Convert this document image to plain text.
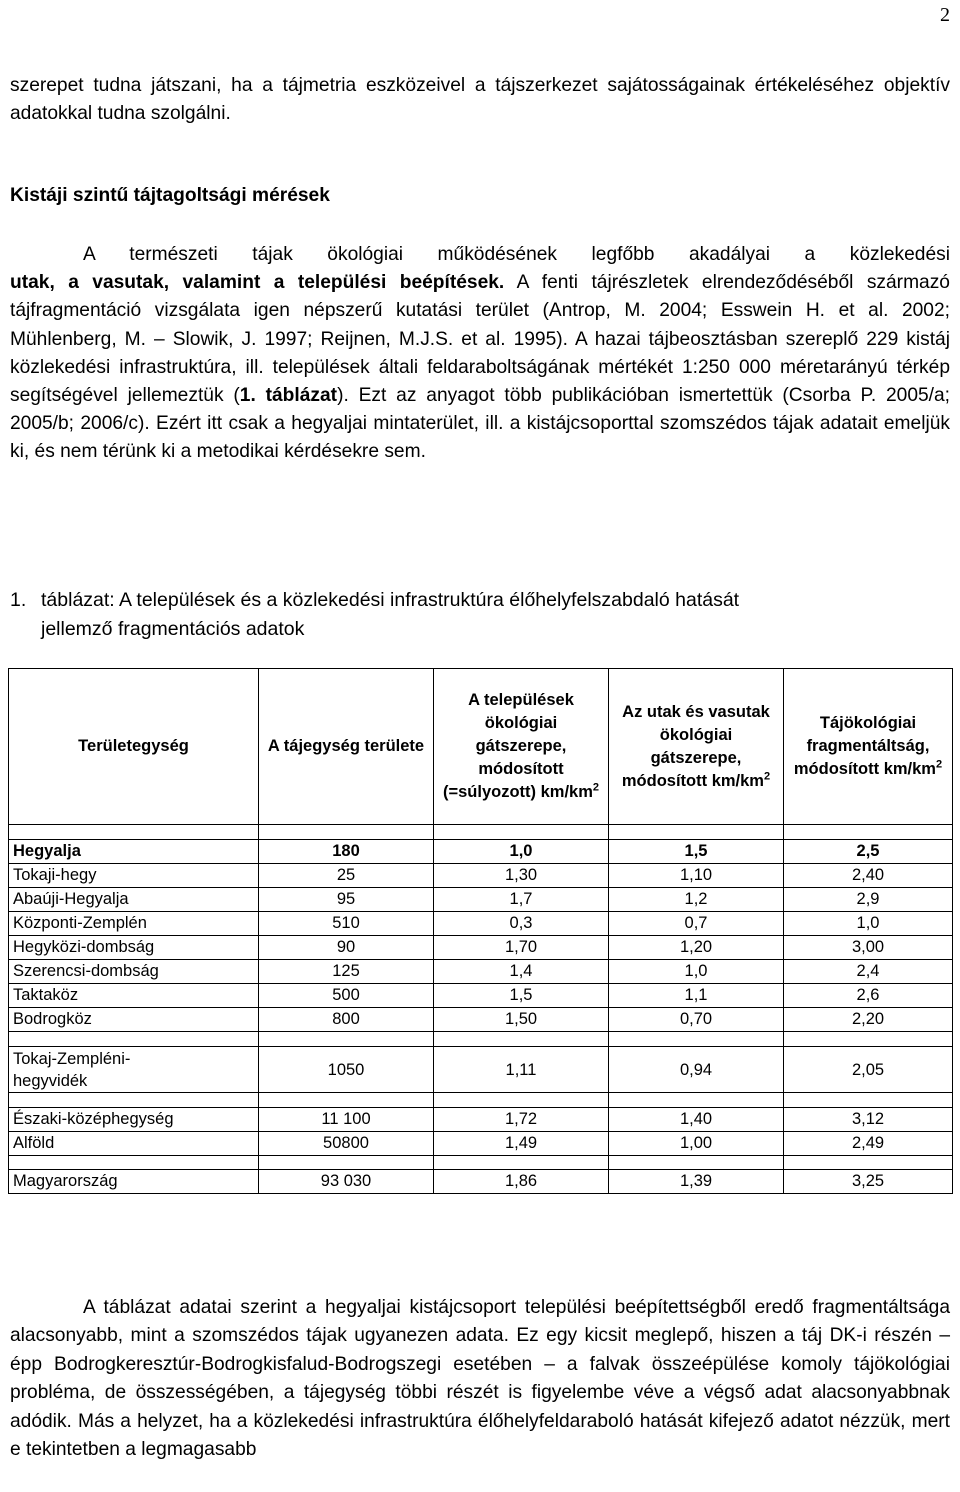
2

szerepet tudna játszani, ha a tájmetria eszközeivel a tájszerkezet sajátosságainak értékeléséhez objektív adatokkal tudna szolgálni.

Kistáji szintű tájtagoltsági mérések

A természeti tájak ökológiai működésének legfőbb akadályai a közlekedési
utak, a vasutak, valamint a települési beépítések. A fenti tájrészletek elrendeződéséből származó tájfragmentáció vizsgálata igen népszerű kutatási terület (Antrop, M. 2004; Esswein H. et al. 2002; Mühlenberg, M. – Slowik, J. 1997; Reijnen, M.J.S. et al. 1995). A hazai tájbeosztásban szereplő 229 kistáj közlekedési infrastruktúra, ill. települések általi feldaraboltságának mértékét 1:250 000 méretarányú térkép segítségével jellemeztük (1. táblázat). Ezt az anyagot több publikációban ismertettük (Csorba P. 2005/a; 2005/b; 2006/c). Ezért itt csak a hegyaljai mintaterület, ill. a kistájcsoporttal szomszédos tájak adatait emeljük ki, és nem térünk ki a metodikai kérdésekre sem.

1. táblázat: A települések és a közlekedési infrastruktúra élőhelyfelszabdaló hatását
jellemző fragmentációs adatok

Területegység	A tájegység területe	A települések ökológiai gátszerepe, módosított (=súlyozott) $km/km^2$	Az utak és vasutak ökológiai gátszerepe, módosított $km/km^2$	Tájökológiai fragmentáltság, módosított $km/km^2$

Hegyalja	180	1,0	1,5	2,5
Tokaji-hegy	25	1,30	1,10	2,40
Abaúji-Hegyalja	95	1,7	1,2	2,9
Központi-Zemplén	510	0,3	0,7	1,0
Hegyközi-dombság	90	1,70	1,20	3,00
Szerencsi-dombság	125	1,4	1,0	2,4
Taktaköz	500	1,5	1,1	2,6
Bodrogköz	800	1,50	0,70	2,20

Tokaj-Zempléni-
hegyvidék	1050	1,11	0,94	2,05

Északi-középhegység	11 100	1,72	1,40	3,12
Alföld	50800	1,49	1,00	2,49

Magyarország	93 030	1,86	1,39	3,25

A táblázat adatai szerint a hegyaljai kistájcsoport települési beépítettségből eredő fragmentáltsága alacsonyabb, mint a szomszédos tájak ugyanezen adata. Ez egy kicsit meglepő, hiszen a táj DK-i részén – épp Bodrogkeresztúr-Bodrogkisfalud-Bodrogszegi esetében – a falvak összeépülése komoly tájökológiai probléma, de összességében, a tájegység többi részét is figyelembe véve a végső adat alacsonyabbnak adódik. Más a helyzet, ha a közlekedési infrastruktúra élőhelyfeldaraboló hatását kifejező adatot nézzük, mert e tekintetben a legmagasabb
